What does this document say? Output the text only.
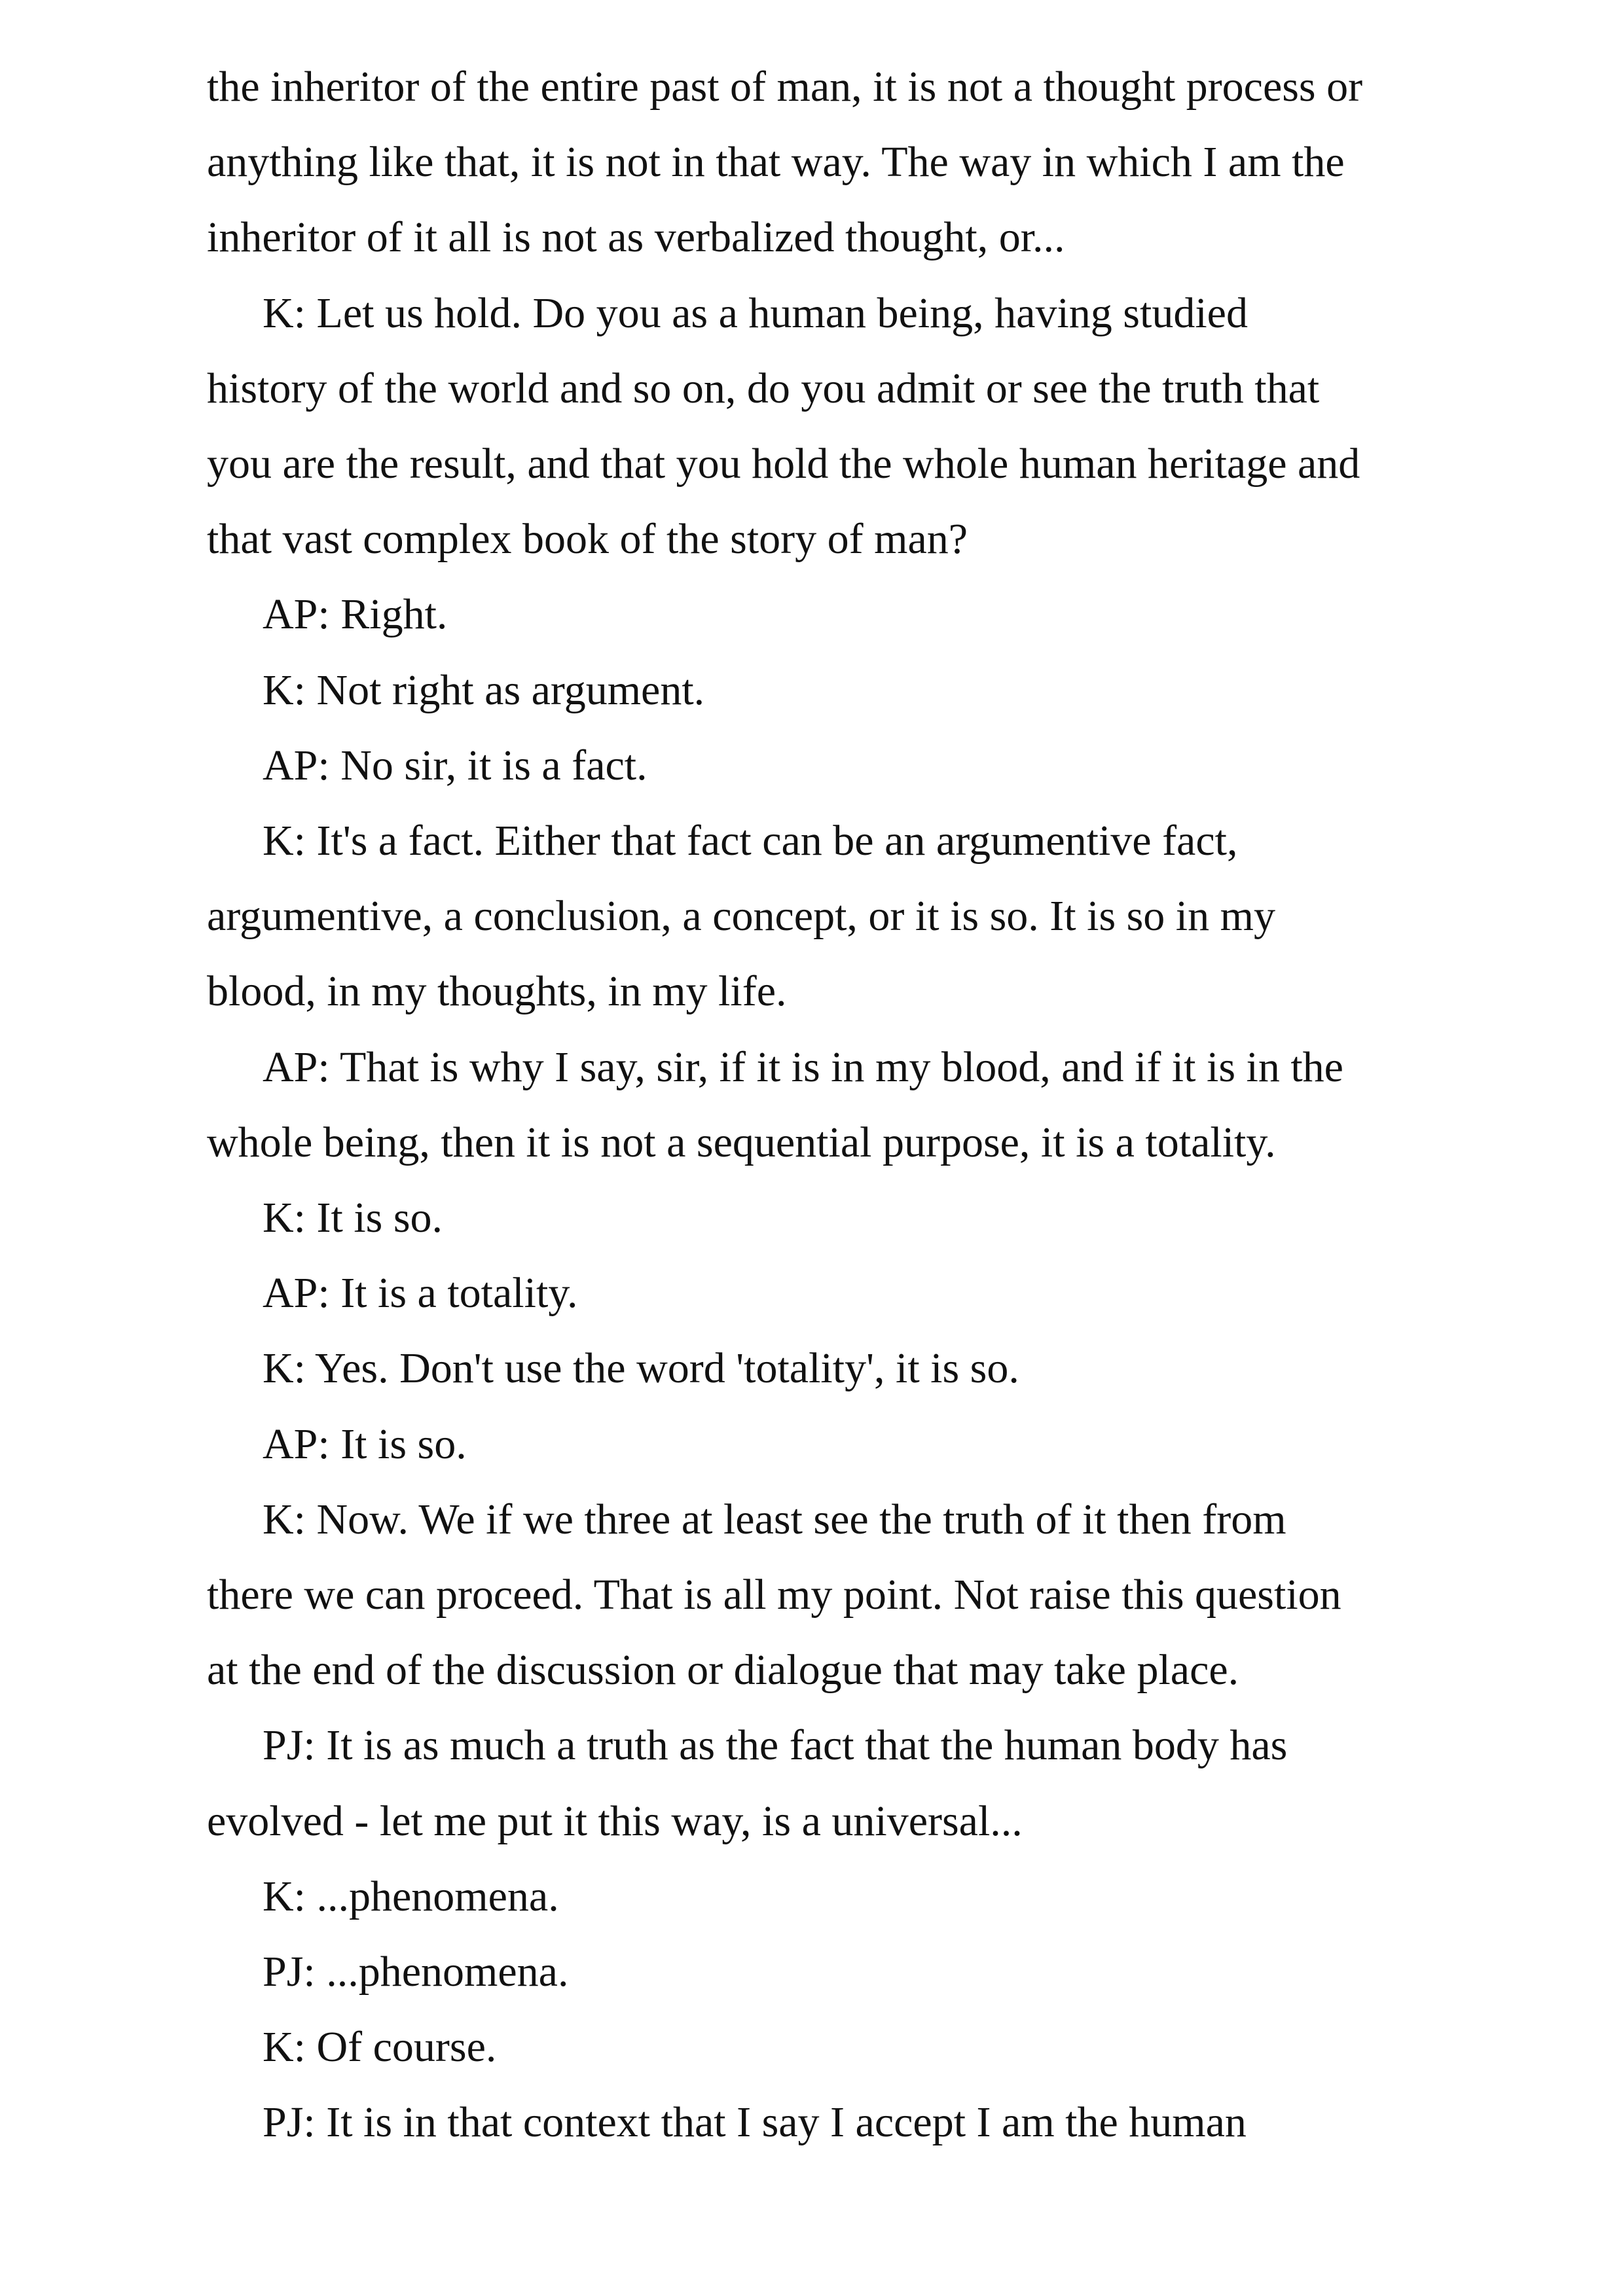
the inheritor of the entire past of man, it is not a thought process or
anything like that, it is not in that way. The way in which I am the
inheritor of it all is not as verbalized thought, or...

K: Let us hold. Do you as a human being, having studied
history of the world and so on, do you admit or see the truth that
you are the result, and that you hold the whole human heritage and
that vast complex book of the story of man?

AP: Right.

K: Not right as argument.

AP: No sir, it is a fact.

K: It's a fact. Either that fact can be an argumentive fact,
argumentive, a conclusion, a concept, or it is so. It is so in my
blood, in my thoughts, in my life.

AP: That is why I say, sir, if it is in my blood, and if it is in the
whole being, then it is not a sequential purpose, it is a totality.

K: It is so.

AP: It is a totality.

K: Yes. Don't use the word 'totality', it is so.

AP: It is so.

K: Now. We if we three at least see the truth of it then from
there we can proceed. That is all my point. Not raise this question
at the end of the discussion or dialogue that may take place.

PJ: It is as much a truth as the fact that the human body has
evolved - let me put it this way, is a universal...

K: ...phenomena.

PJ: ...phenomena.

K: Of course.

PJ: It is in that context that I say I accept I am the human
